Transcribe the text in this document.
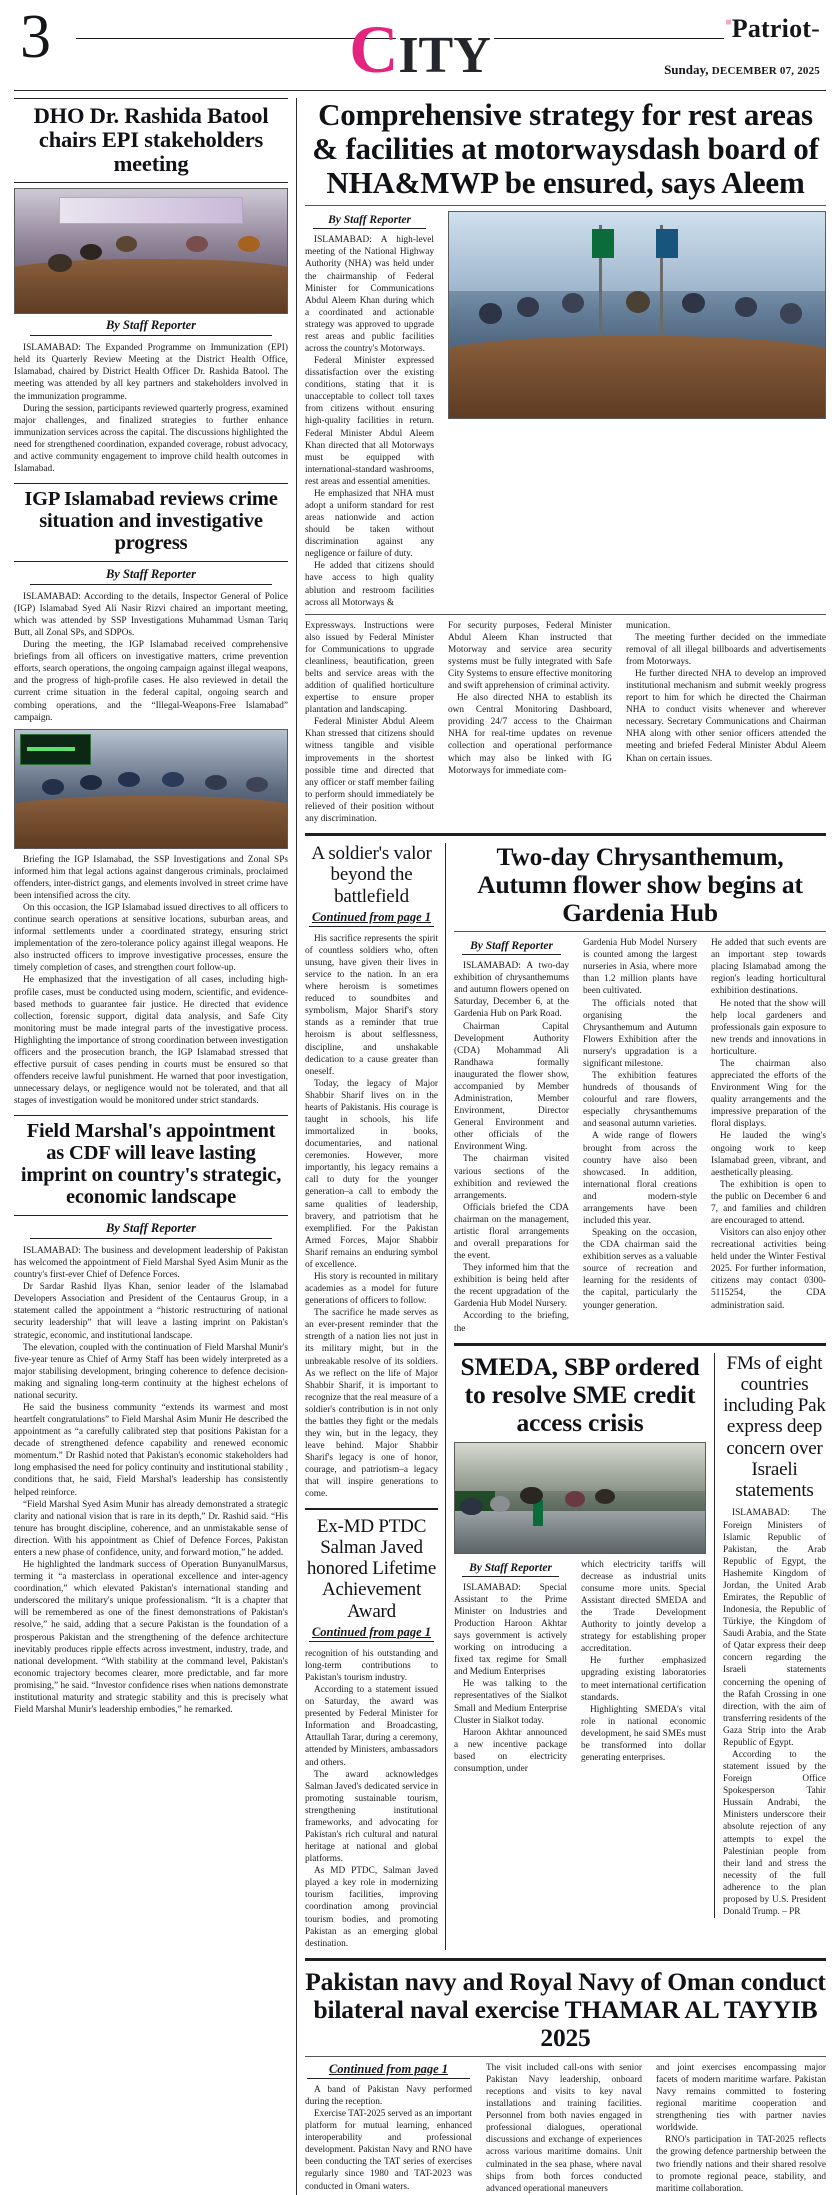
3	CITY
■Patriot-
Sunday, DECEMBER 07, 2025
DHO Dr. Rashida Batool chairs EPI stakeholders meeting
By Staff Reporter

ISLAMABAD: The Expanded Programme on Immunization (EPI) held its Quarterly Review Meeting at the District Health Office, Islamabad, chaired by District Health Officer Dr. Rashida Batool. The meeting was attended by all key partners and stakeholders involved in the immunization programme.

During the session, participants reviewed quarterly progress, examined major challenges, and finalized strategies to further enhance immunization services across the capital. The discussions highlighted the need for strengthened coordination, expanded coverage, robust advocacy, and active community engagement to improve child health outcomes in Islamabad.

IGP Islamabad reviews crime situation and investigative progress
By Staff Reporter

ISLAMABAD: According to the details, Inspector General of Police (IGP) Islamabad Syed Ali Nasir Rizvi chaired an important meeting, which was attended by SSP Investigations Muhammad Usman Tariq Butt, all Zonal SPs, and SDPOs.

During the meeting, the IGP Islamabad received comprehensive briefings from all officers on investigative matters, crime prevention efforts, search operations, the ongoing campaign against illegal weapons, and the progress of high-profile cases. He also reviewed in detail the current crime situation in the federal capital, ongoing search and combing operations, and the “Illegal-Weapons-Free Islamabad” campaign.

Briefing the IGP Islamabad, the SSP Investigations and Zonal SPs informed him that legal actions against dangerous criminals, proclaimed offenders, inter-district gangs, and elements involved in street crime have been intensified across the city.

On this occasion, the IGP Islamabad issued directives to all officers to continue search operations at sensitive locations, suburban areas, and informal settlements under a coordinated strategy, ensuring strict implementation of the zero-tolerance policy against illegal weapons. He also instructed officers to improve investigative processes, ensure the timely completion of cases, and strengthen court follow-up.

He emphasized that the investigation of all cases, including high-profile cases, must be conducted using modern, scientific, and evidence-based methods to guarantee fair justice. He directed that evidence collection, forensic support, digital data analysis, and Safe City monitoring must be made integral parts of the investigative process. Highlighting the importance of strong coordination between investigation officers and the prosecution branch, the IGP Islamabad stressed that effective pursuit of cases pending in courts must be ensured so that offenders receive lawful punishment. He warned that poor investigation, unnecessary delays, or negligence would not be tolerated, and that all stages of investigation would be monitored under strict standards.

Field Marshal's appointment as CDF will leave lasting imprint on country's strategic, economic landscape
By Staff Reporter

ISLAMABAD: The business and development leadership of Pakistan has welcomed the appointment of Field Marshal Syed Asim Munir as the country's first-ever Chief of Defence Forces.

Dr Sardar Rashid Ilyas Khan, senior leader of the Islamabad Developers Association and President of the Centaurus Group, in a statement called the appointment a “historic restructuring of national security leadership” that will leave a lasting imprint on Pakistan's strategic, economic, and institutional landscape.

The elevation, coupled with the continuation of Field Marshal Munir's five-year tenure as Chief of Army Staff has been widely interpreted as a major stabilising development, bringing coherence to defence decision-making and signaling long-term continuity at the highest echelons of national security.

He said the business community “extends its warmest and most heartfelt congratulations” to Field Marshal Asim Munir He described the appointment as “a carefully calibrated step that positions Pakistan for a decade of strengthened defence capability and renewed economic momentum.” Dr Rashid noted that Pakistan's economic stakeholders had long emphasised the need for policy continuity and institutional stability , conditions that, he said, Field Marshal's leadership has consistently helped reinforce.

“Field Marshal Syed Asim Munir has already demonstrated a strategic clarity and national vision that is rare in its depth,” Dr. Rashid said. “His tenure has brought discipline, coherence, and an unmistakable sense of direction. With his appointment as Chief of Defence Forces, Pakistan enters a new phase of confidence, unity, and forward motion,” he added.

He highlighted the landmark success of Operation BunyanulMarsus, terming it “a masterclass in operational excellence and inter-agency coordination,” which elevated Pakistan's international standing and underscored the military's unique professionalism. “It is a chapter that will be remembered as one of the finest demonstrations of Pakistan's resolve,” he said, adding that a secure Pakistan is the foundation of a prosperous Pakistan and the strengthening of the defence architecture inevitably produces ripple effects across investment, industry, trade, and national development. “With stability at the command level, Pakistan's economic trajectory becomes clearer, more predictable, and far more promising,” he said. “Investor confidence rises when nations demonstrate institutional maturity and strategic stability and this is precisely what Field Marshal Munir's leadership embodies,” he remarked.

Comprehensive strategy for rest areas & facilities at motorwaysdash board of NHA&MWP be ensured, says Aleem
By Staff Reporter

ISLAMABAD: A high-level meeting of the National Highway Authority (NHA) was held under the chairmanship of Federal Minister for Communications Abdul Aleem Khan during which a coordinated and actionable strategy was approved to upgrade rest areas and public facilities across the country's Motorways.

Federal Minister expressed dissatisfaction over the existing conditions, stating that it is unacceptable to collect toll taxes from citizens without ensuring high-quality facilities in return. Federal Minister Abdul Aleem Khan directed that all Motorways must be equipped with international-standard washrooms, rest areas and essential amenities.

He emphasized that NHA must adopt a uniform standard for rest areas nationwide and action should be taken without discrimination against any negligence or failure of duty.

He added that citizens should have access to high quality ablution and restroom facilities across all Motorways &

Expressways. Instructions were also issued by Federal Minister for Communications to upgrade cleanliness, beautification, green belts and service areas with the addition of qualified horticulture expertise to ensure proper plantation and landscaping.

Federal Minister Abdul Aleem Khan stressed that citizens should witness tangible and visible improvements in the shortest possible time and directed that any officer or staff member failing to perform should immediately be relieved of their position without any discrimination.

For security purposes, Federal Minister Abdul Aleem Khan instructed that Motorway and service area security systems must be fully integrated with Safe City Systems to ensure effective monitoring and swift apprehension of criminal activity.

He also directed NHA to establish its own Central Monitoring Dashboard, providing 24/7 access to the Chairman NHA for real-time updates on revenue collection and operational performance which may also be linked with IG Motorways for immediate com-

munication.

The meeting further decided on the immediate removal of all illegal billboards and advertisements from Motorways.

He further directed NHA to develop an improved institutional mechanism and submit weekly progress report to him for which he directed the Chairman NHA to conduct visits whenever and wherever necessary. Secretary Communications and Chairman NHA along with other senior officers attended the meeting and briefed Federal Minister Abdul Aleem Khan on certain issues.

A soldier's valor beyond the battlefield
Continued from page 1

His sacrifice represents the spirit of countless soldiers who, often unsung, have given their lives in service to the nation. In an era where heroism is sometimes reduced to soundbites and symbolism, Major Sharif's story stands as a reminder that true heroism is about selflessness, discipline, and unshakable dedication to a cause greater than oneself.

Today, the legacy of Major Shabbir Sharif lives on in the hearts of Pakistanis. His courage is taught in schools, his life immortalized in books, documentaries, and national ceremonies. However, more importantly, his legacy remains a call to duty for the younger generation–a call to embody the same qualities of leadership, bravery, and patriotism that he exemplified. For the Pakistan Armed Forces, Major Shabbir Sharif remains an enduring symbol of excellence.

His story is recounted in military academies as a model for future generations of officers to follow.

The sacrifice he made serves as an ever-present reminder that the strength of a nation lies not just in its military might, but in the unbreakable resolve of its soldiers. As we reflect on the life of Major Shabbir Sharif, it is important to recognize that the real measure of a soldier's contribution is in not only the battles they fight or the medals they win, but in the legacy, they leave behind. Major Shabbir Sharif's legacy is one of honor, courage, and patriotism–a legacy that will inspire generations to come.

Ex-MD PTDC Salman Javed honored Lifetime Achievement Award
Continued from page 1

recognition of his outstanding and long-term contributions to Pakistan's tourism industry.

According to a statement issued on Saturday, the award was presented by Federal Minister for Information and Broadcasting, Attaullah Tarar, during a ceremony, attended by Ministers, ambassadors and others.

The award acknowledges Salman Javed's dedicated service in promoting sustainable tourism, strengthening institutional frameworks, and advocating for Pakistan's rich cultural and natural heritage at national and global platforms.

As MD PTDC, Salman Javed played a key role in modernizing tourism facilities, improving coordination among provincial tourism bodies, and promoting Pakistan as an emerging global destination.

Two-day Chrysanthemum, Autumn flower show begins at Gardenia Hub
By Staff Reporter

ISLAMABAD: A two-day exhibition of chrysanthemums and autumn flowers opened on Saturday, December 6, at the Gardenia Hub on Park Road.

Chairman Capital Development Authority (CDA) Mohammad Ali Randhawa formally inaugurated the flower show, accompanied by Member Administration, Member Environment, Director General Environment and other officials of the Environment Wing.

The chairman visited various sections of the exhibition and reviewed the arrangements.

Officials briefed the CDA chairman on the management, artistic floral arrangements and overall preparations for the event.

They informed him that the exhibition is being held after the recent upgradation of the Gardenia Hub Model Nursery.

According to the briefing, the

Gardenia Hub Model Nursery is counted among the largest nurseries in Asia, where more than 1.2 million plants have been cultivated.

The officials noted that organising the Chrysanthemum and Autumn Flowers Exhibition after the nursery's upgradation is a significant milestone.

The exhibition features hundreds of thousands of colourful and rare flowers, especially chrysanthemums and seasonal autumn varieties.

A wide range of flowers brought from across the country have also been showcased. In addition, international floral creations and modern-style arrangements have been included this year.

Speaking on the occasion, the CDA chairman said the exhibition serves as a valuable source of recreation and learning for the residents of the capital, particularly the younger generation.

He added that such events are an important step towards placing Islamabad among the region's leading horticultural exhibition destinations.

He noted that the show will help local gardeners and professionals gain exposure to new trends and innovations in horticulture.

The chairman also appreciated the efforts of the Environment Wing for the quality arrangements and the impressive preparation of the floral displays.

He lauded the wing's ongoing work to keep Islamabad green, vibrant, and aesthetically pleasing.

The exhibition is open to the public on December 6 and 7, and families and children are encouraged to attend.

Visitors can also enjoy other recreational activities being held under the Winter Festival 2025. For further information, citizens may contact 0300-5115254, the CDA administration said.

SMEDA, SBP ordered to resolve SME credit access crisis
By Staff Reporter

ISLAMABAD: Special Assistant to the Prime Minister on Industries and Production Haroon Akhtar says government is actively working on introducing a fixed tax regime for Small and Medium Enterprises

He was talking to the representatives of the Sialkot Small and Medium Enterprise Cluster in Sialkot today.

Haroon Akhtar announced a new incentive package based on electricity consumption, under

which electricity tariffs will decrease as industrial units consume more units. Special Assistant directed SMEDA and the Trade Development Authority to jointly develop a strategy for establishing proper accreditation.

He further emphasized upgrading existing laboratories to meet international certification standards.

Highlighting SMEDA's vital role in national economic development, he said SMEs must be transformed into dollar generating enterprises.

FMs of eight countries including Pak express deep concern over Israeli statements

ISLAMABAD: The Foreign Ministers of Islamic Republic of Pakistan, the Arab Republic of Egypt, the Hashemite Kingdom of Jordan, the United Arab Emirates, the Republic of Indonesia, the Republic of Türkiye, the Kingdom of Saudi Arabia, and the State of Qatar express their deep concern regarding the Israeli statements concerning the opening of the Rafah Crossing in one direction, with the aim of transferring residents of the Gaza Strip into the Arab Republic of Egypt.

According to the statement issued by the Foreign Office Spokesperson Tahir Hussain Andrabi, the Ministers underscore their absolute rejection of any attempts to expel the Palestinian people from their land and stress the necessity of the full adherence to the plan proposed by U.S. President Donald Trump. – PR

Pakistan navy and Royal Navy of Oman conduct bilateral naval exercise THAMAR AL TAYYIB 2025
Continued from page 1

A band of Pakistan Navy performed during the reception.

Exercise TAT-2025 served as an important platform for mutual learning, enhanced interoperability and professional development. Pakistan Navy and RNO have been conducting the TAT series of exercises regularly since 1980 and TAT-2023 was conducted in Omani waters.

The visit included call-ons with senior Pakistan Navy leadership, onboard receptions and visits to key naval installations and training facilities. Personnel from both navies engaged in professional dialogues, operational discussions and exchange of experiences across various maritime domains. Unit culminated in the sea phase, where naval ships from both forces conducted advanced operational maneuvers

and joint exercises encompassing major facets of modern maritime warfare. Pakistan Navy remains committed to fostering regional maritime cooperation and strengthening ties with partner navies worldwide.

RNO's participation in TAT-2025 reflects the growing defence partnership between the two friendly nations and their shared resolve to promote regional peace, stability, and maritime collaboration.
